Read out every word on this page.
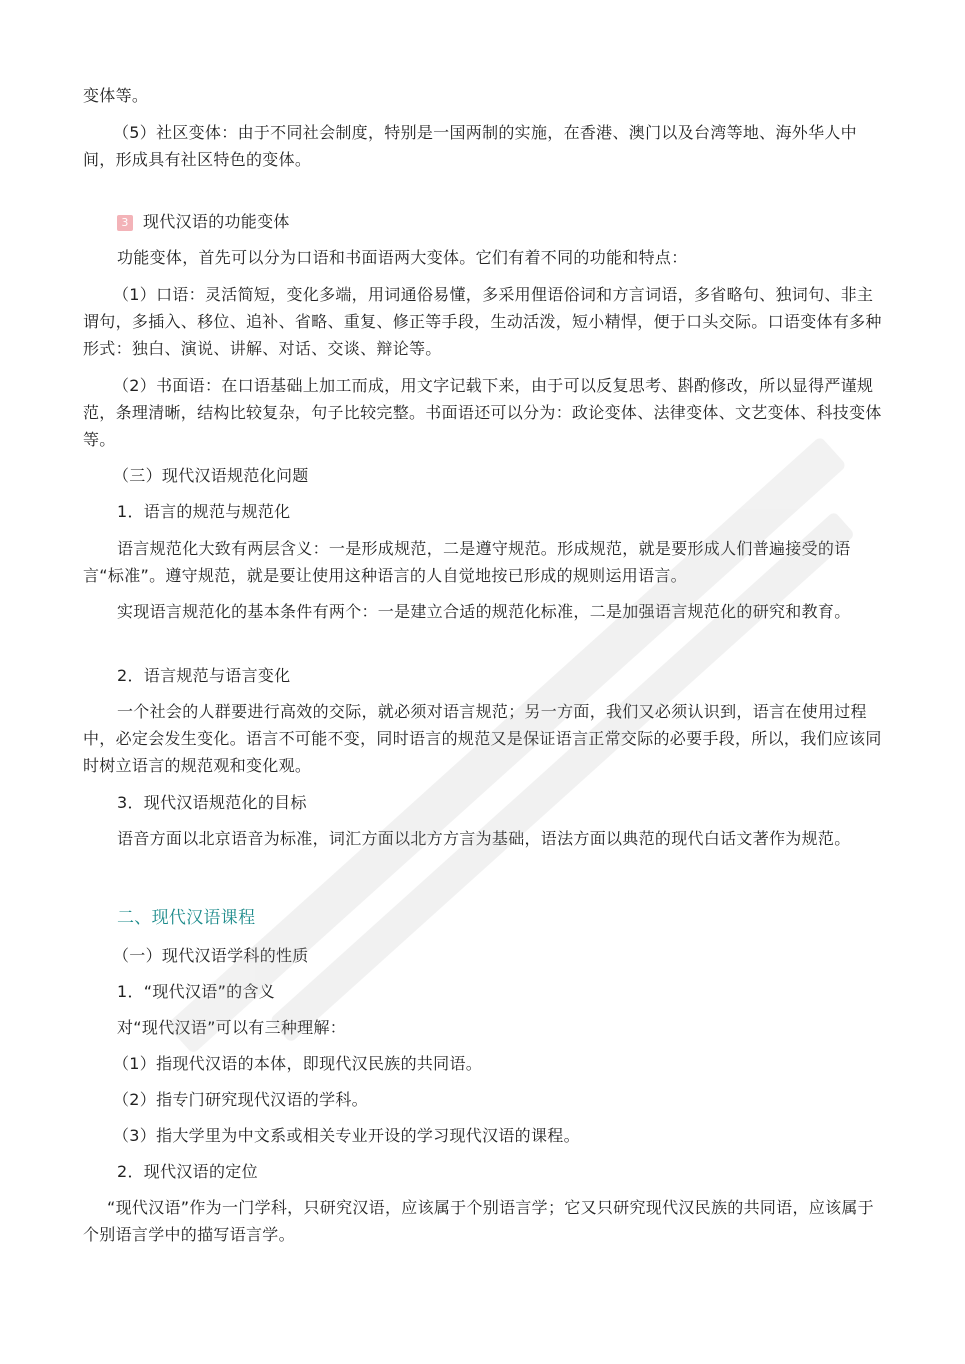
变体等。

（5）社区变体：由于不同社会制度，特别是一国两制的实施，在香港、澳门以及台湾等地、海外华人中间，形成具有社区特色的变体。

3 现代汉语的功能变体

功能变体，首先可以分为口语和书面语两大变体。它们有着不同的功能和特点：

（1）口语：灵活简短，变化多端，用词通俗易懂，多采用俚语俗词和方言词语，多省略句、独词句、非主谓句，多插入、移位、追补、省略、重复、修正等手段，生动活泼，短小精悍，便于口头交际。口语变体有多种形式：独白、演说、讲解、对话、交谈、辩论等。

（2）书面语：在口语基础上加工而成，用文字记载下来，由于可以反复思考、斟酌修改，所以显得严谨规范，条理清晰，结构比较复杂，句子比较完整。书面语还可以分为：政论变体、法律变体、文艺变体、科技变体等。

（三）现代汉语规范化问题

1．语言的规范与规范化

语言规范化大致有两层含义：一是形成规范，二是遵守规范。形成规范，就是要形成人们普遍接受的语言“标准”。遵守规范，就是要让使用这种语言的人自觉地按已形成的规则运用语言。

实现语言规范化的基本条件有两个：一是建立合适的规范化标准，二是加强语言规范化的研究和教育。

2．语言规范与语言变化

一个社会的人群要进行高效的交际，就必须对语言规范；另一方面，我们又必须认识到，语言在使用过程中，必定会发生变化。语言不可能不变，同时语言的规范又是保证语言正常交际的必要手段，所以，我们应该同时树立语言的规范观和变化观。

3．现代汉语规范化的目标

语音方面以北京语音为标准，词汇方面以北方方言为基础，语法方面以典范的现代白话文著作为规范。

二、现代汉语课程

（一）现代汉语学科的性质

1．“现代汉语”的含义

对“现代汉语”可以有三种理解：

（1）指现代汉语的本体，即现代汉民族的共同语。

（2）指专门研究现代汉语的学科。

（3）指大学里为中文系或相关专业开设的学习现代汉语的课程。

2．现代汉语的定位

“现代汉语”作为一门学科，只研究汉语，应该属于个别语言学；它又只研究现代汉民族的共同语，应该属于个别语言学中的描写语言学。
